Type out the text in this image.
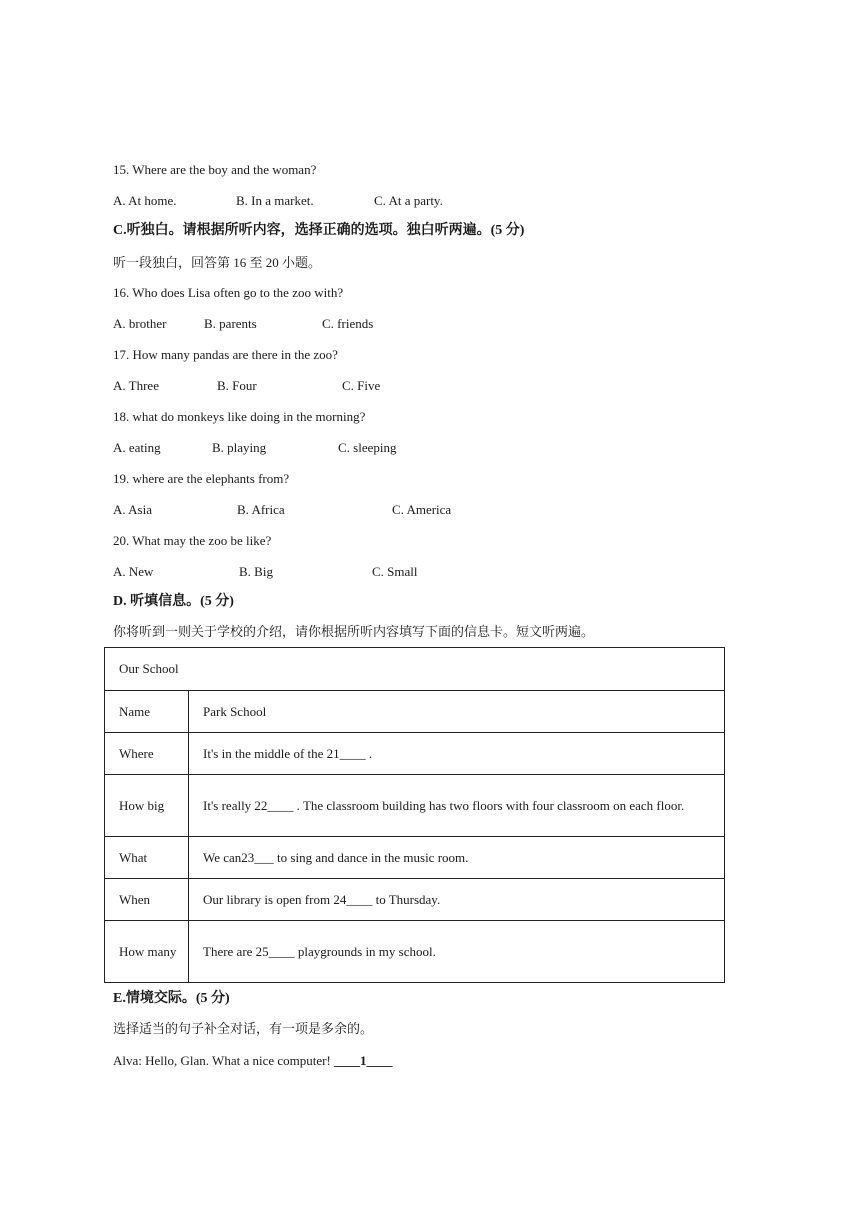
15. Where are the boy and the woman?
A. At home.	B. In a market.	C. At a party.
C.听独白。请根据所听内容，选择正确的选项。独白听两遍。(5 分)
听一段独白，回答第 16 至 20 小题。
16. Who does Lisa often go to the zoo with?
A. brother	B. parents	C. friends
17. How many pandas are there in the zoo?
A. Three	B. Four	C. Five
18. what do monkeys like doing in the morning?
A. eating	B. playing	C. sleeping
19. where are the elephants from?
A. Asia	B. Africa	C. America
20. What may the zoo be like?
A. New	B. Big	C. Small
D. 听填信息。(5 分)
你将听到一则关于学校的介绍，请你根据所听内容填写下面的信息卡。短文听两遍。
Our School	
Name	Park School
Where	It's in the middle of the 21____ .
How big	It's really 22____ . The classroom building has two floors with four classroom on each floor.
What	We can23___ to sing and dance in the music room.
When	Our library is open from 24____ to Thursday.
How many	There are 25____ playgrounds in my school.
E.情境交际。(5 分)
选择适当的句子补全对话，有一项是多余的。
Alva: Hello, Glan. What a nice computer! ____1____
